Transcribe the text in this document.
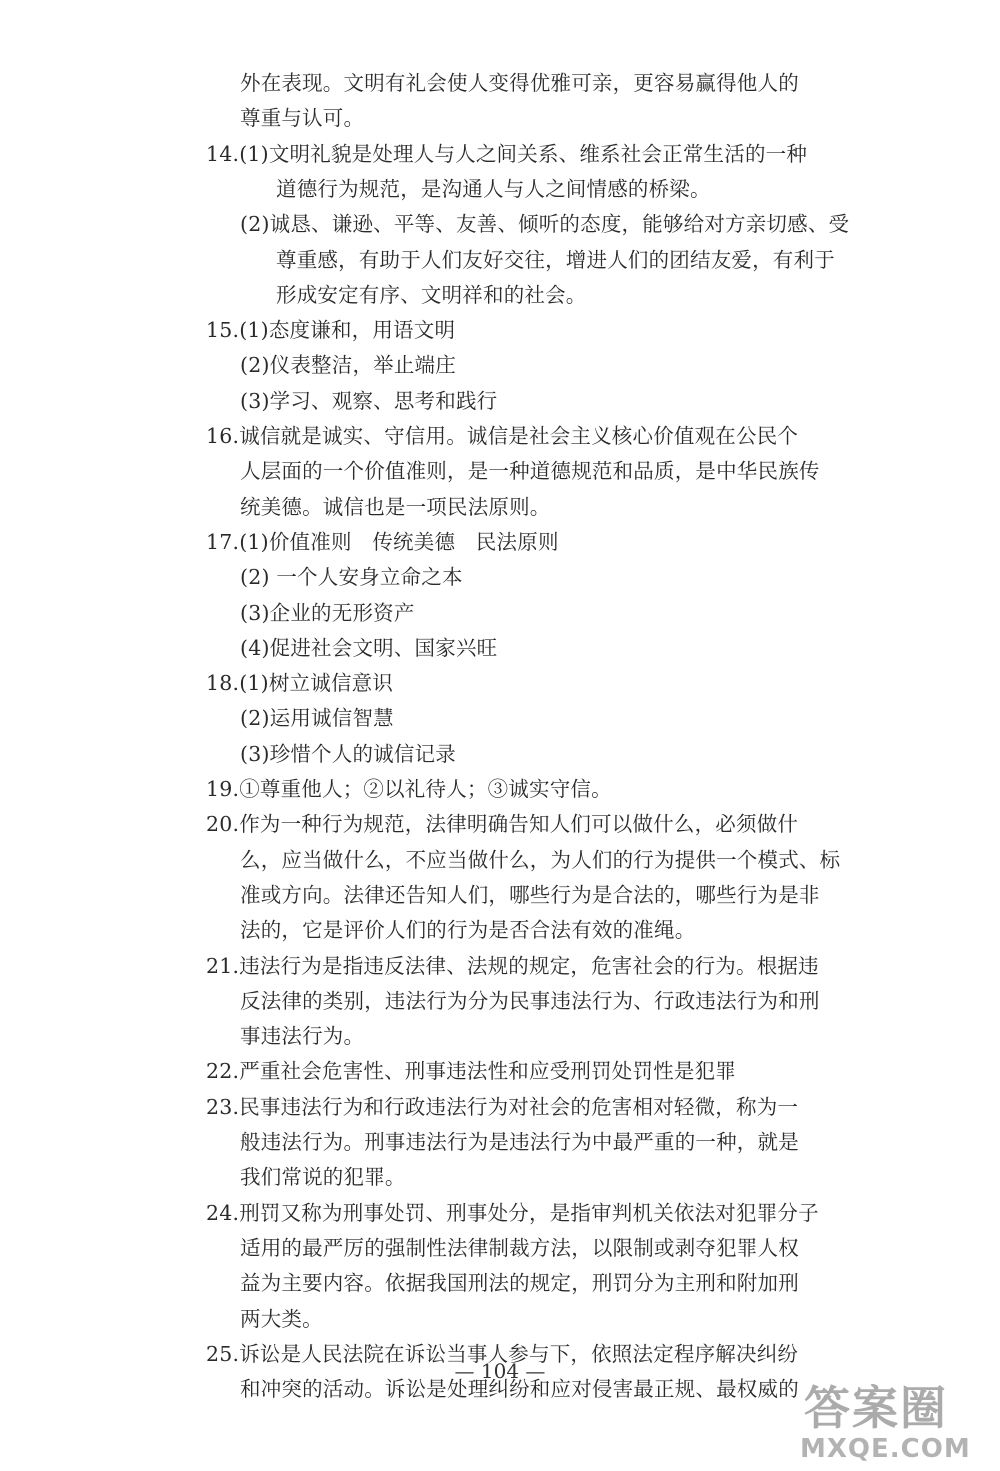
外在表现。文明有礼会使人变得优雅可亲，更容易赢得他人的
尊重与认可。
14.(1)文明礼貌是处理人与人之间关系、维系社会正常生活的一种
道德行为规范，是沟通人与人之间情感的桥梁。
(2)诚恳、谦逊、平等、友善、倾听的态度，能够给对方亲切感、受
尊重感，有助于人们友好交往，增进人们的团结友爱，有利于
形成安定有序、文明祥和的社会。
15.(1)态度谦和，用语文明
(2)仪表整洁，举止端庄
(3)学习、观察、思考和践行
16.诚信就是诚实、守信用。诚信是社会主义核心价值观在公民个
人层面的一个价值准则，是一种道德规范和品质，是中华民族传
统美德。诚信也是一项民法原则。
17.(1)价值准则　传统美德　民法原则
(2) 一个人安身立命之本
(3)企业的无形资产
(4)促进社会文明、国家兴旺
18.(1)树立诚信意识
(2)运用诚信智慧
(3)珍惜个人的诚信记录
19.①尊重他人；②以礼待人；③诚实守信。
20.作为一种行为规范，法律明确告知人们可以做什么，必须做什
么，应当做什么，不应当做什么，为人们的行为提供一个模式、标
准或方向。法律还告知人们，哪些行为是合法的，哪些行为是非
法的，它是评价人们的行为是否合法有效的准绳。
21.违法行为是指违反法律、法规的规定，危害社会的行为。根据违
反法律的类别，违法行为分为民事违法行为、行政违法行为和刑
事违法行为。
22.严重社会危害性、刑事违法性和应受刑罚处罚性是犯罪
23.民事违法行为和行政违法行为对社会的危害相对轻微，称为一
般违法行为。刑事违法行为是违法行为中最严重的一种，就是
我们常说的犯罪。
24.刑罚又称为刑事处罚、刑事处分，是指审判机关依法对犯罪分子
适用的最严厉的强制性法律制裁方法，以限制或剥夺犯罪人权
益为主要内容。依据我国刑法的规定，刑罚分为主刑和附加刑
两大类。
25.诉讼是人民法院在诉讼当事人参与下，依照法定程序解决纠纷
和冲突的活动。诉讼是处理纠纷和应对侵害最正规、最权威的
— 104 —
答案圈
MXQE.COM
